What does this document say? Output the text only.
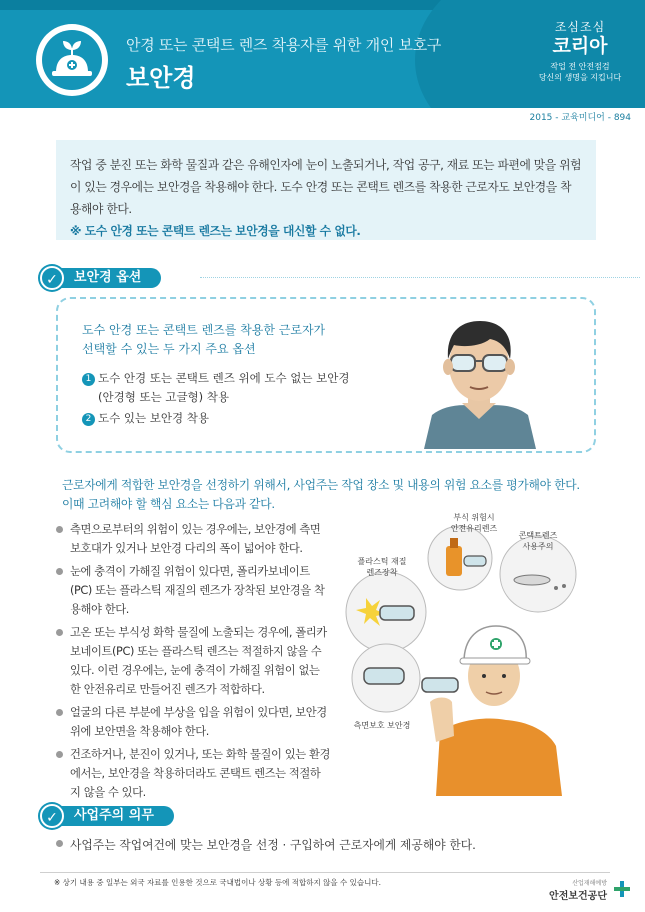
안경 또는 콘택트 렌즈 착용자를 위한 개인 보호구
보안경
조심조심
코리아
작업 전 안전점검
당신의 생명을 지킵니다
2015 - 교육미디어 - 894

작업 중 분진 또는 화학 물질과 같은 유해인자에 눈이 노출되거나, 작업 공구, 재료 또는 파편에 맞을 위험이 있는 경우에는 보안경을 착용해야 한다. 도수 안경 또는 콘택트 렌즈를 착용한 근로자도 보안경을 착용해야 한다.

※ 도수 안경 또는 콘택트 렌즈는 보안경을 대신할 수 없다.

보안경 옵션
✓
도수 안경 또는 콘택트 렌즈를 착용한 근로자가
선택할 수 있는 두 가지 주요 옵션
1 도수 안경 또는 콘택트 렌즈 위에 도수 없는 보안경
(안경형 또는 고글형) 착용
2 도수 있는 보안경 착용
근로자에게 적합한 보안경을 선정하기 위해서, 사업주는 작업 장소 및 내용의 위험 요소를 평가해야 한다.
이때 고려해야 할 핵심 요소는 다음과 같다.
측면으로부터의 위험이 있는 경우에는, 보안경에 측면 보호대가 있거나 보안경 다리의 폭이 넓어야 한다.
눈에 충격이 가해질 위험이 있다면, 폴리카보네이트(PC) 또는 플라스틱 재질의 렌즈가 장착된 보안경을 착용해야 한다.
고온 또는 부식성 화학 물질에 노출되는 경우에, 폴리카보네이트(PC) 또는 플라스틱 렌즈는 적절하지 않을 수 있다. 이런 경우에는, 눈에 충격이 가해질 위험이 없는 한 안전유리로 만들어진 렌즈가 적합하다.
얼굴의 다른 부분에 부상을 입을 위험이 있다면, 보안경 위에 보안면을 착용해야 한다.
건조하거나, 분진이 있거나, 또는 화학 물질이 있는 환경에서는, 보안경을 착용하더라도 콘택트 렌즈는 적절하지 않을 수 있다.
부식 위험시
안전유리렌즈
콘택트렌즈
사용주의
플라스틱 재질
렌즈장착
측면보호 보안경
사업주의 의무
✓
사업주는 작업여건에 맞는 보안경을 선정 · 구입하여 근로자에게 제공해야 한다.
※ 상기 내용 중 일부는 외국 자료를 인용한 것으로 국내법이나 상황 등에 적합하지 않을 수 있습니다.	산업재해예방
안전보건공단
